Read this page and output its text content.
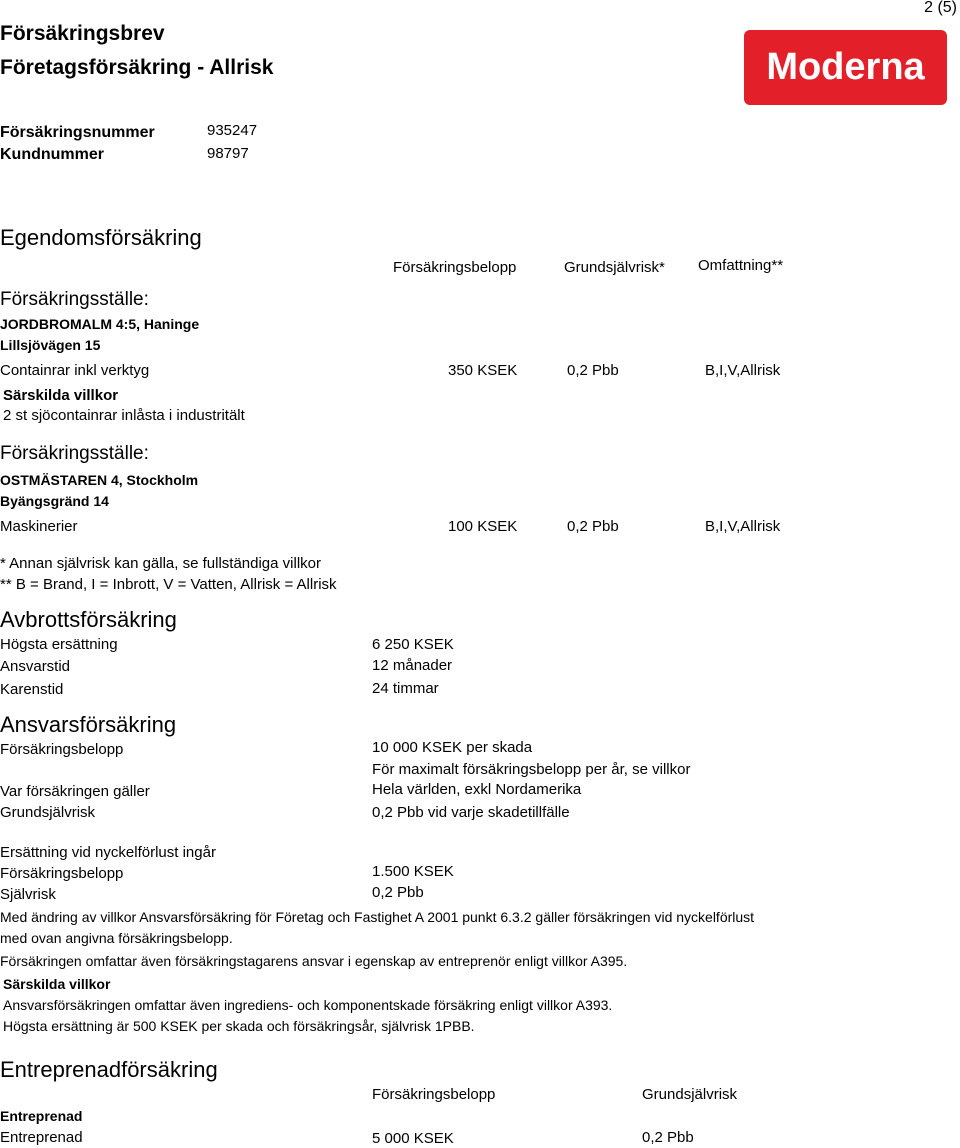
2 (5)
Försäkringsbrev
Företagsförsäkring - Allrisk	Moderna
Försäkringsnummer	935247
Kundnummer	98797
Egendomsförsäkring
Försäkringsbelopp	Grundsjälvrisk* Omfattning**
Försäkringsställe:
JORDBROMALM 4:5, Haninge
Lillsjövägen 15
Containrar inkl verktyg	350 KSEK	0,2 Pbb	B,I,V,Allrisk
Särskilda villkor
2 st sjöcontainrar inlåsta i industritält
Försäkringsställe:
OSTMÄSTAREN 4, Stockholm
Byängsgränd 14
Maskinerier	100 KSEK	0,2 Pbb	B,I,V,Allrisk
* Annan självrisk kan gälla, se fullständiga villkor
** B = Brand, I = Inbrott, V = Vatten, Allrisk = Allrisk
Avbrottsförsäkring
Högsta ersättning	6 250 KSEK
Ansvarstid	12 månader
Karenstid	24 timmar
Ansvarsförsäkring
Försäkringsbelopp	10 000 KSEK per skada
För maximalt försäkringsbelopp per år, se villkor
Var försäkringen gäller	Hela världen, exkl Nordamerika
Grundsjälvrisk	0,2 Pbb vid varje skadetillfälle
Ersättning vid nyckelförlust ingår
Försäkringsbelopp	1.500 KSEK
Självrisk	0,2 Pbb
Med ändring av villkor Ansvarsförsäkring för Företag och Fastighet A 2001 punkt 6.3.2 gäller försäkringen vid nyckelförlust
med ovan angivna försäkringsbelopp.
Försäkringen omfattar även försäkringstagarens ansvar i egenskap av entreprenör enligt villkor A395.
Särskilda villkor
Ansvarsförsäkringen omfattar även ingrediens- och komponentskade försäkring enligt villkor A393.
Högsta ersättning är 500 KSEK per skada och försäkringsår, självrisk 1PBB.
Entreprenadförsäkring
Försäkringsbelopp	Grundsjälvrisk
Entreprenad
Entreprenad	5 000 KSEK	0,2 Pbb
